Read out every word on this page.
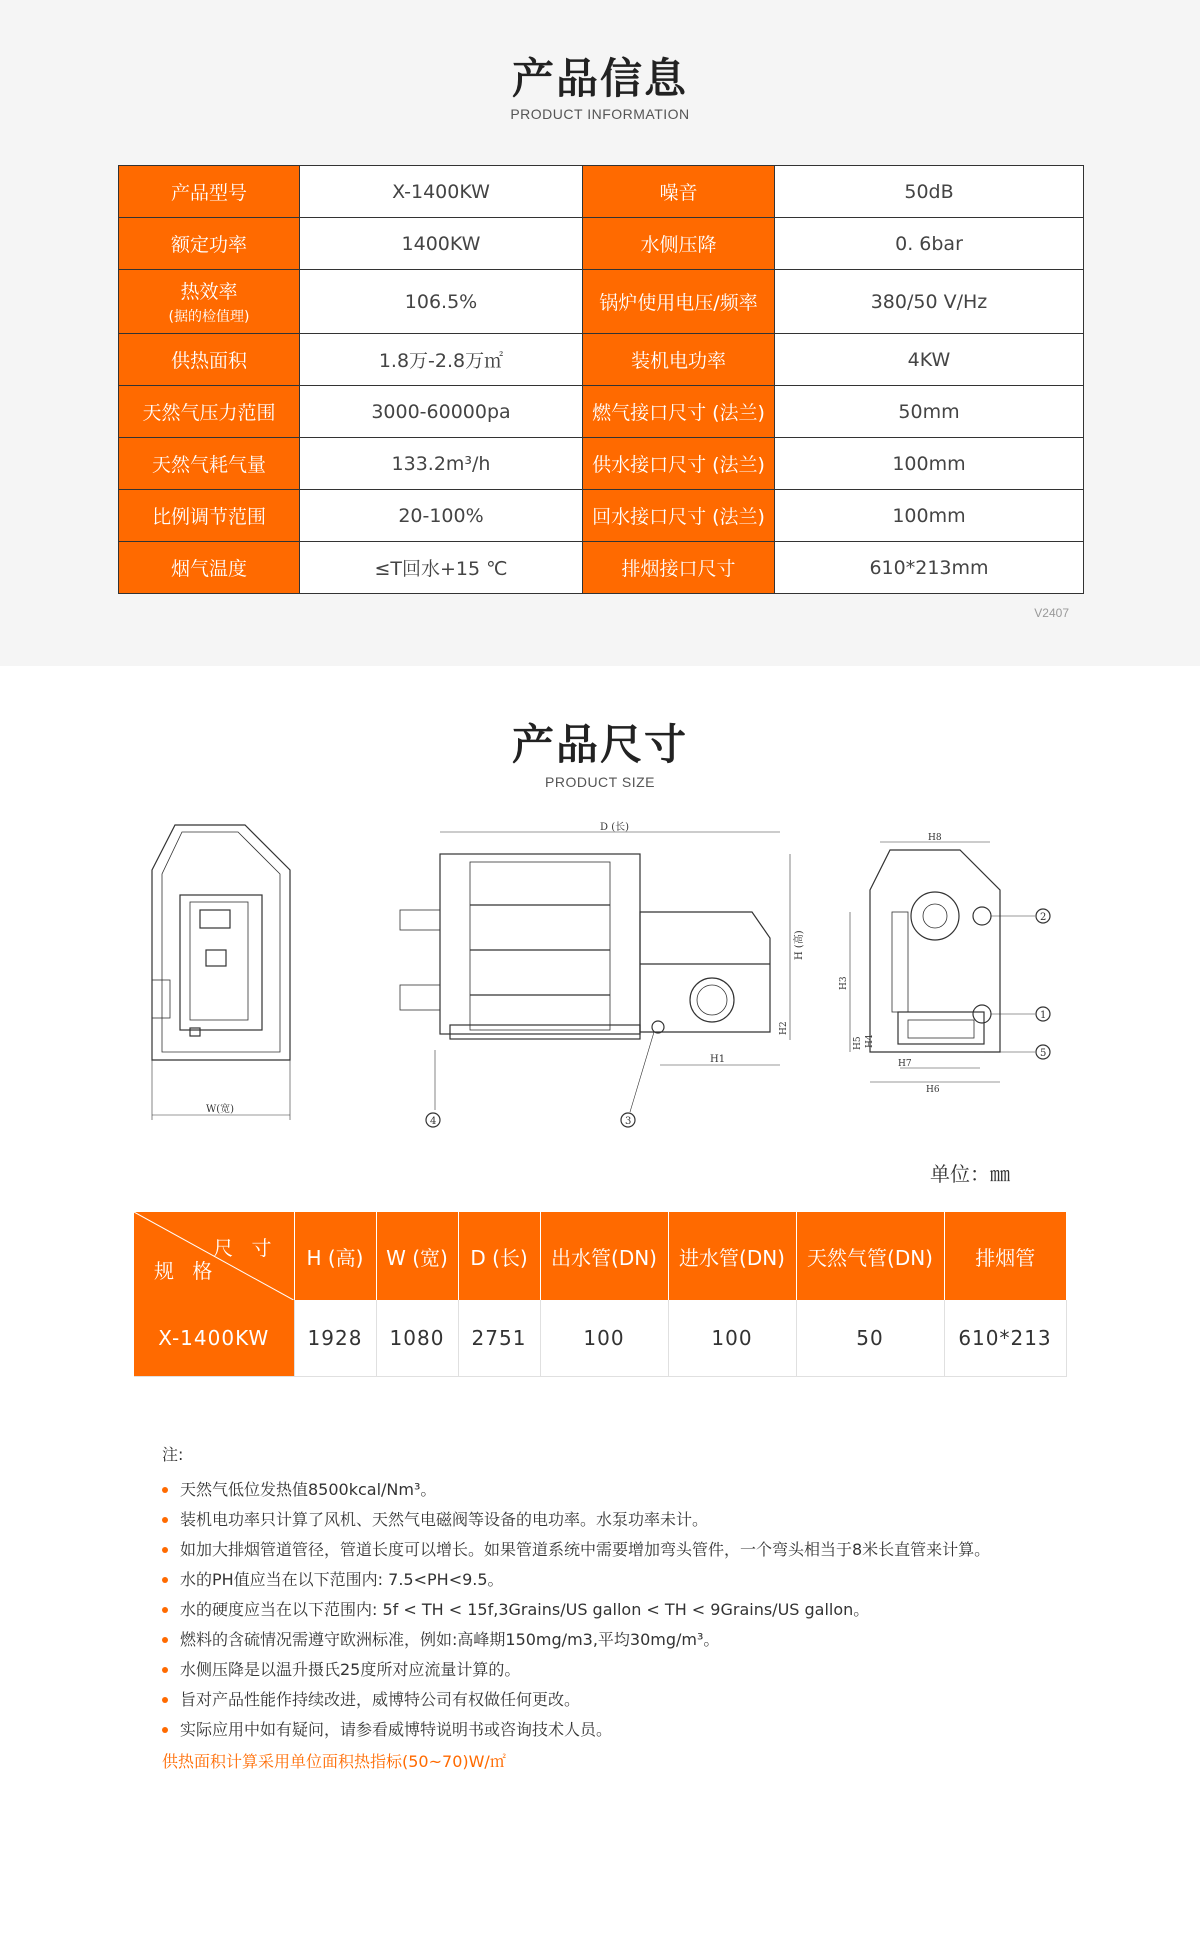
产品信息
PRODUCT INFORMATION
产品型号	X-1400KW	噪音	50dB
额定功率	1400KW	水侧压降	0. 6bar
热效率
(据的检值理)	106.5%	锅炉使用电压/频率	380/50 V/Hz
供热面积	1.8万-2.8万㎡	装机电功率	4KW
天然气压力范围	3000-60000pa	燃气接口尺寸 (法兰)	50mm
天然气耗气量	133.2m³/h	供水接口尺寸 (法兰)	100mm
比例调节范围	20-100%	回水接口尺寸 (法兰)	100mm
烟气温度	≤T回水+15 ℃	排烟接口尺寸	610*213mm
V2407
产品尺寸
PRODUCT SIZE
W(宽)
D (长)
H (高)
H1
H2
4	3
H8
2
1
5
H3
H5 H4
H7
H6
单位：㎜
尺 寸
规 格	H (高)	W (宽)	D (长)	出水管(DN)	进水管(DN)	天然气管(DN)	排烟管
X-1400KW	1928	1080	2751	100	100	50	610*213
注:
天然气低位发热值8500kcal/Nm³。
装机电功率只计算了风机、天然气电磁阀等设备的电功率。水泵功率未计。
如加大排烟管道管径，管道长度可以增长。如果管道系统中需要增加弯头管件，一个弯头相当于8米长直管来计算。
水的PH值应当在以下范围内: 7.5<PH<9.5。
水的硬度应当在以下范围内: 5f < TH < 15f,3Grains/US gallon < TH < 9Grains/US gallon。
燃料的含硫情况需遵守欧洲标准，例如:高峰期150mg/m3,平均30mg/m³。
水侧压降是以温升摄氏25度所对应流量计算的。
旨对产品性能作持续改进，威博特公司有权做任何更改。
实际应用中如有疑问，请参看威博特说明书或咨询技术人员。
供热面积计算采用单位面积热指标(50~70)W/㎡
